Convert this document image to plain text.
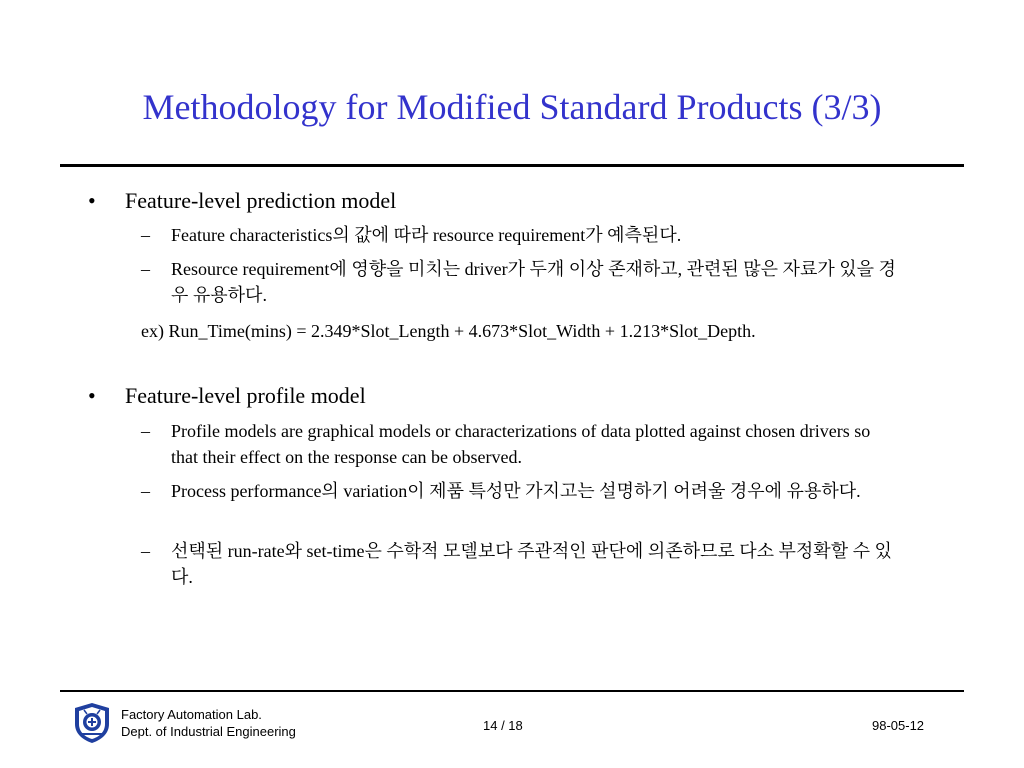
Methodology for Modified Standard Products (3/3)
• Feature-level prediction model
– Feature characteristics의 값에 따라 resource requirement가 예측된다.
– Resource requirement에 영향을 미치는 driver가 두개 이상 존재하고, 관련된 많은 자료가 있을 경우 유용하다.
ex) Run_Time(mins) = 2.349*Slot_Length + 4.673*Slot_Width + 1.213*Slot_Depth.
• Feature-level profile model
– Profile models are graphical models or characterizations of data plotted against chosen drivers so that their effect on the response can be observed.
– Process performance의 variation이 제품 특성만 가지고는 설명하기 어려울 경우에 유용하다.
– 선택된 run-rate와 set-time은 수학적 모델보다 주관적인 판단에 의존하므로 다소 부정확할 수 있다.
Factory Automation Lab.
Dept. of Industrial Engineering	14 / 18	98-05-12
